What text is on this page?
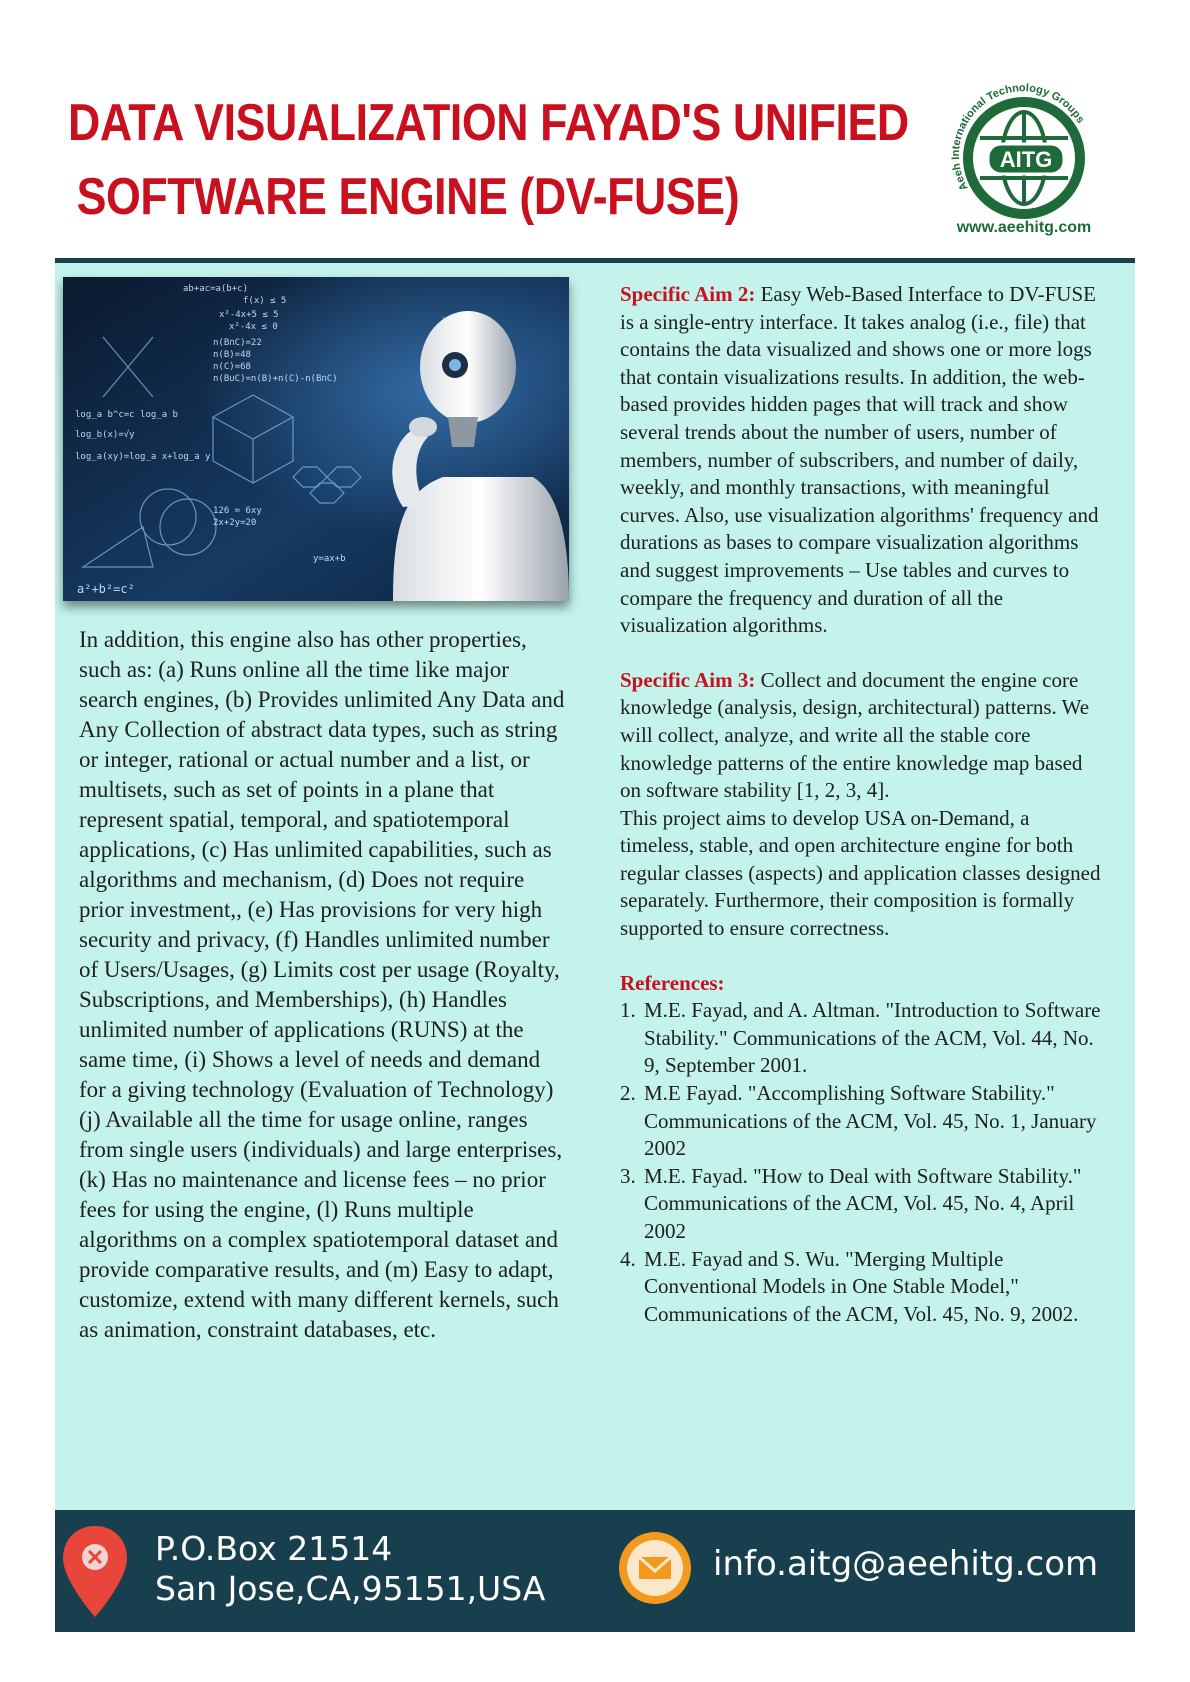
DATA VISUALIZATION FAYAD'S UNIFIED
SOFTWARE ENGINE (DV-FUSE)	Aeeh International Technology Groups
AITG
www.aeehitg.com
ab+ac=a(b+c)
f(x) ≤ 5
x²-4x+5 ≤ 5
x²-4x ≤ 0
n(B∩C)=22
n(B)=48
n(C)=68
n(B∪C)=n(B)+n(C)-n(B∩C)
log_a b^c=c log_a b
log_a(xy)=log_a x+log_a y
a²+b²=c²
y=ax+b
126 = 6xy
2x+2y=20
log_b(x)=√y

In addition, this engine also has other properties, such as: (a) Runs online all the time like major search engines, (b) Provides unlimited Any Data and Any Collection of abstract data types, such as string or integer, rational or actual number and a list, or multisets, such as set of points in a plane that represent spatial, temporal, and spatiotemporal applications, (c) Has unlimited capabilities, such as algorithms and mechanism, (d) Does not require prior investment,, (e) Has provisions for very high security and privacy, (f) Handles unlimited number of Users/Usages, (g) Limits cost per usage (Royalty, Subscriptions, and Memberships), (h) Handles unlimited number of applications (RUNS) at the same time, (i) Shows a level of needs and demand for a giving technology (Evaluation of Technology)(j) Available all the time for usage online, ranges from single users (individuals) and large enterprises, (k) Has no maintenance and license fees – no prior fees for using the engine, (l) Runs multiple algorithms on a complex spatiotemporal dataset and provide comparative results, and (m) Easy to adapt, customize, extend with many different kernels, such as animation, constraint databases, etc.

Specific Aim 2: Easy Web-Based Interface to DV-FUSE is a single-entry interface. It takes analog (i.e., file) that contains the data visualized and shows one or more logs that contain visualizations results. In addition, the web-based provides hidden pages that will track and show several trends about the number of users, number of members, number of subscribers, and number of daily, weekly, and monthly transactions, with meaningful curves. Also, use visualization algorithms' frequency and durations as bases to compare visualization algorithms and suggest improvements – Use tables and curves to compare the frequency and duration of all the visualization algorithms.

Specific Aim 3: Collect and document the engine core knowledge (analysis, design, architectural) patterns. We will collect, analyze, and write all the stable core knowledge patterns of the entire knowledge map based on software stability [1, 2, 3, 4].

This project aims to develop USA on-Demand, a timeless, stable, and open architecture engine for both regular classes (aspects) and application classes designed separately. Furthermore, their composition is formally supported to ensure correctness.

References:

1. M.E. Fayad, and A. Altman. "Introduction to Software Stability." Communications of the ACM, Vol. 44, No. 9, September 2001.
2. M.E Fayad. "Accomplishing Software Stability." Communications of the ACM, Vol. 45, No. 1, January 2002
3. M.E. Fayad. "How to Deal with Software Stability." Communications of the ACM, Vol. 45, No. 4, April 2002
4. M.E. Fayad and S. Wu. "Merging Multiple Conventional Models in One Stable Model," Communications of the ACM, Vol. 45, No. 9, 2002.
P.O.Box 21514
San Jose,CA,95151,USA
info.aitg@aeehitg.com
